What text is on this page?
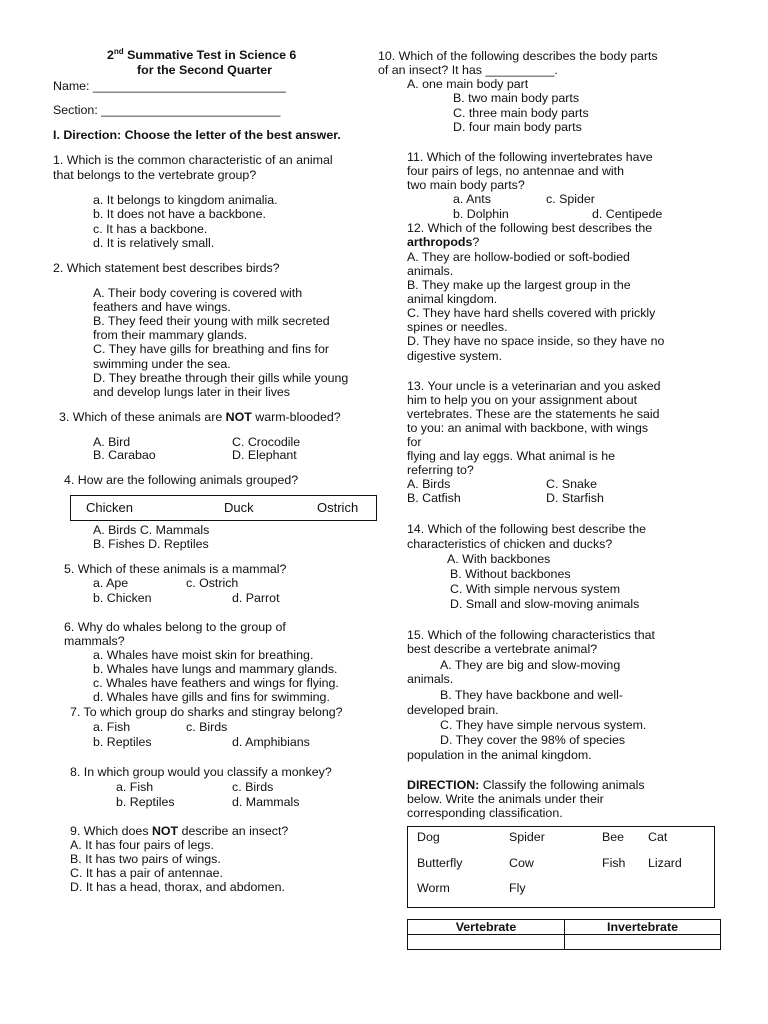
2nd Summative Test in Science 6
for the Second Quarter
Name: ____________________________
Section: __________________________
I. Direction: Choose the letter of the best answer.
1. Which is the common characteristic of an animal
that belongs to the vertebrate group?
a. It belongs to kingdom animalia.
b. It does not have a backbone.
c. It has a backbone.
d. It is relatively small.
2. Which statement best describes birds?
A. Their body covering is covered with
feathers and have wings.
B. They feed their young with milk secreted
from their mammary glands.
C. They have gills for breathing and fins for
swimming under the sea.
D. They breathe through their gills while young
and develop lungs later in their lives
3. Which of these animals are NOT warm-blooded?
A. Bird	C. Crocodile
B. Carabao	D. Elephant
4. How are the following animals grouped?
Chicken	Duck	Ostrich
A. Birds C. Mammals
B. Fishes D. Reptiles
5. Which of these animals is a mammal?
a. Ape	c. Ostrich
b. Chicken	d. Parrot
6. Why do whales belong to the group of
mammals?
a. Whales have moist skin for breathing.
b. Whales have lungs and mammary glands.
c. Whales have feathers and wings for flying.
d. Whales have gills and fins for swimming.
7. To which group do sharks and stingray belong?
a. Fish	c. Birds
b. Reptiles	d. Amphibians
8. In which group would you classify a monkey?
a. Fish	c. Birds
b. Reptiles	d. Mammals
9. Which does NOT describe an insect?
A. It has four pairs of legs.
B. It has two pairs of wings.
C. It has a pair of antennae.
D. It has a head, thorax, and abdomen.
10. Which of the following describes the body parts
of an insect? It has __________.
A. one main body part
B. two main body parts
C. three main body parts
D. four main body parts
11. Which of the following invertebrates have
four pairs of legs, no antennae and with
two main body parts?
a. Ants	c. Spider
b. Dolphin	d. Centipede
12. Which of the following best describes the
arthropods?
A. They are hollow-bodied or soft-bodied
animals.
B. They make up the largest group in the
animal kingdom.
C. They have hard shells covered with prickly
spines or needles.
D. They have no space inside, so they have no
digestive system.
13. Your uncle is a veterinarian and you asked
him to help you on your assignment about
vertebrates. These are the statements he said
to you: an animal with backbone, with wings
for
flying and lay eggs. What animal is he
referring to?
A. Birds	C. Snake
B. Catfish	D. Starfish
14. Which of the following best describe the
characteristics of chicken and ducks?
A. With backbones
B. Without backbones
C. With simple nervous system
D. Small and slow-moving animals
15. Which of the following characteristics that
best describe a vertebrate animal?
A. They are big and slow-moving
animals.
B. They have backbone and well-
developed brain.
C. They have simple nervous system.
D. They cover the 98% of species
population in the animal kingdom.
DIRECTION: Classify the following animals
below. Write the animals under their
corresponding classification.
Dog	Spider	Bee Cat
Butterfly	Cow	Fish Lizard
Worm	Fly
Vertebrate	Invertebrate
